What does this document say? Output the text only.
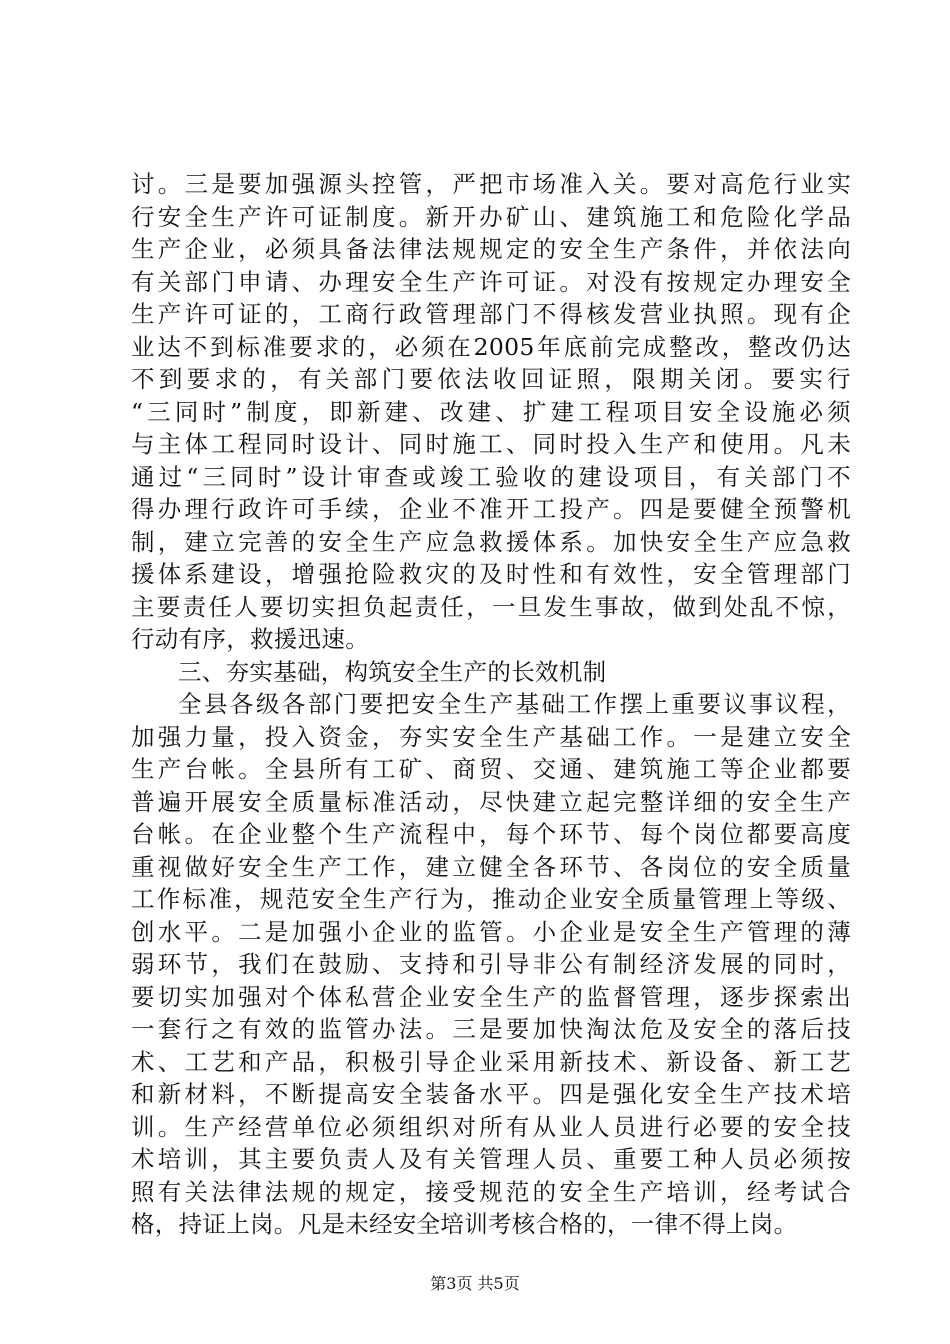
讨。三是要加强源头控管，严把市场准入关。要对高危行业实
行安全生产许可证制度。新开办矿山、建筑施工和危险化学品
生产企业，必须具备法律法规规定的安全生产条件，并依法向
有关部门申请、办理安全生产许可证。对没有按规定办理安全
生产许可证的，工商行政管理部门不得核发营业执照。现有企
业达不到标准要求的，必须在2005年底前完成整改，整改仍达
不到要求的，有关部门要依法收回证照，限期关闭。要实行
“三同时”制度，即新建、改建、扩建工程项目安全设施必须
与主体工程同时设计、同时施工、同时投入生产和使用。凡未
通过“三同时”设计审查或竣工验收的建设项目，有关部门不
得办理行政许可手续，企业不准开工投产。四是要健全预警机
制，建立完善的安全生产应急救援体系。加快安全生产应急救
援体系建设，增强抢险救灾的及时性和有效性，安全管理部门
主要责任人要切实担负起责任，一旦发生事故，做到处乱不惊，
行动有序，救援迅速。
三、夯实基础，构筑安全生产的长效机制
全县各级各部门要把安全生产基础工作摆上重要议事议程，
加强力量，投入资金，夯实安全生产基础工作。一是建立安全
生产台帐。全县所有工矿、商贸、交通、建筑施工等企业都要
普遍开展安全质量标准活动，尽快建立起完整详细的安全生产
台帐。在企业整个生产流程中，每个环节、每个岗位都要高度
重视做好安全生产工作，建立健全各环节、各岗位的安全质量
工作标准，规范安全生产行为，推动企业安全质量管理上等级、
创水平。二是加强小企业的监管。小企业是安全生产管理的薄
弱环节，我们在鼓励、支持和引导非公有制经济发展的同时，
要切实加强对个体私营企业安全生产的监督管理，逐步探索出
一套行之有效的监管办法。三是要加快淘汰危及安全的落后技
术、工艺和产品，积极引导企业采用新技术、新设备、新工艺
和新材料，不断提高安全装备水平。四是强化安全生产技术培
训。生产经营单位必须组织对所有从业人员进行必要的安全技
术培训，其主要负责人及有关管理人员、重要工种人员必须按
照有关法律法规的规定，接受规范的安全生产培训，经考试合
格，持证上岗。凡是未经安全培训考核合格的，一律不得上岗。
第3页 共5页
